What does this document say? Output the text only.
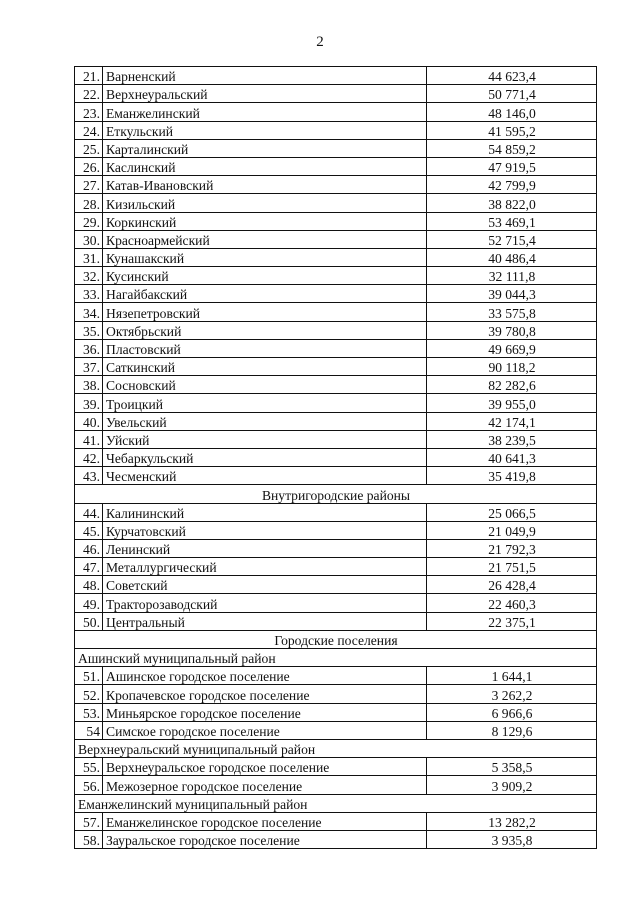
2
21.	Варненский	44 623,4
22.	Верхнеуральский	50 771,4
23.	Еманжелинский	48 146,0
24.	Еткульский	41 595,2
25.	Карталинский	54 859,2
26.	Каслинский	47 919,5
27.	Катав-Ивановский	42 799,9
28.	Кизильский	38 822,0
29.	Коркинский	53 469,1
30.	Красноармейский	52 715,4
31.	Кунашакский	40 486,4
32.	Кусинский	32 111,8
33.	Нагайбакский	39 044,3
34.	Нязепетровский	33 575,8
35.	Октябрьский	39 780,8
36.	Пластовский	49 669,9
37.	Саткинский	90 118,2
38.	Сосновский	82 282,6
39.	Троицкий	39 955,0
40.	Увельский	42 174,1
41.	Уйский	38 239,5
42.	Чебаркульский	40 641,3
43.	Чесменский	35 419,8
Внутригородские районы		
44.	Калининский	25 066,5
45.	Курчатовский	21 049,9
46.	Ленинский	21 792,3
47.	Металлургический	21 751,5
48.	Советский	26 428,4
49.	Тракторозаводский	22 460,3
50.	Центральный	22 375,1
Городские поселения		
Ашинский муниципальный район		
51.	Ашинское городское поселение	1 644,1
52.	Кропачевское городское поселение	3 262,2
53.	Миньярское городское поселение	6 966,6
54	Симское городское поселение	8 129,6
Верхнеуральский муниципальный район		
55.	Верхнеуральское городское поселение	5 358,5
56.	Межозерное городское поселение	3 909,2
Еманжелинский муниципальный район		
57.	Еманжелинское городское поселение	13 282,2
58.	Зауральское городское поселение	3 935,8
